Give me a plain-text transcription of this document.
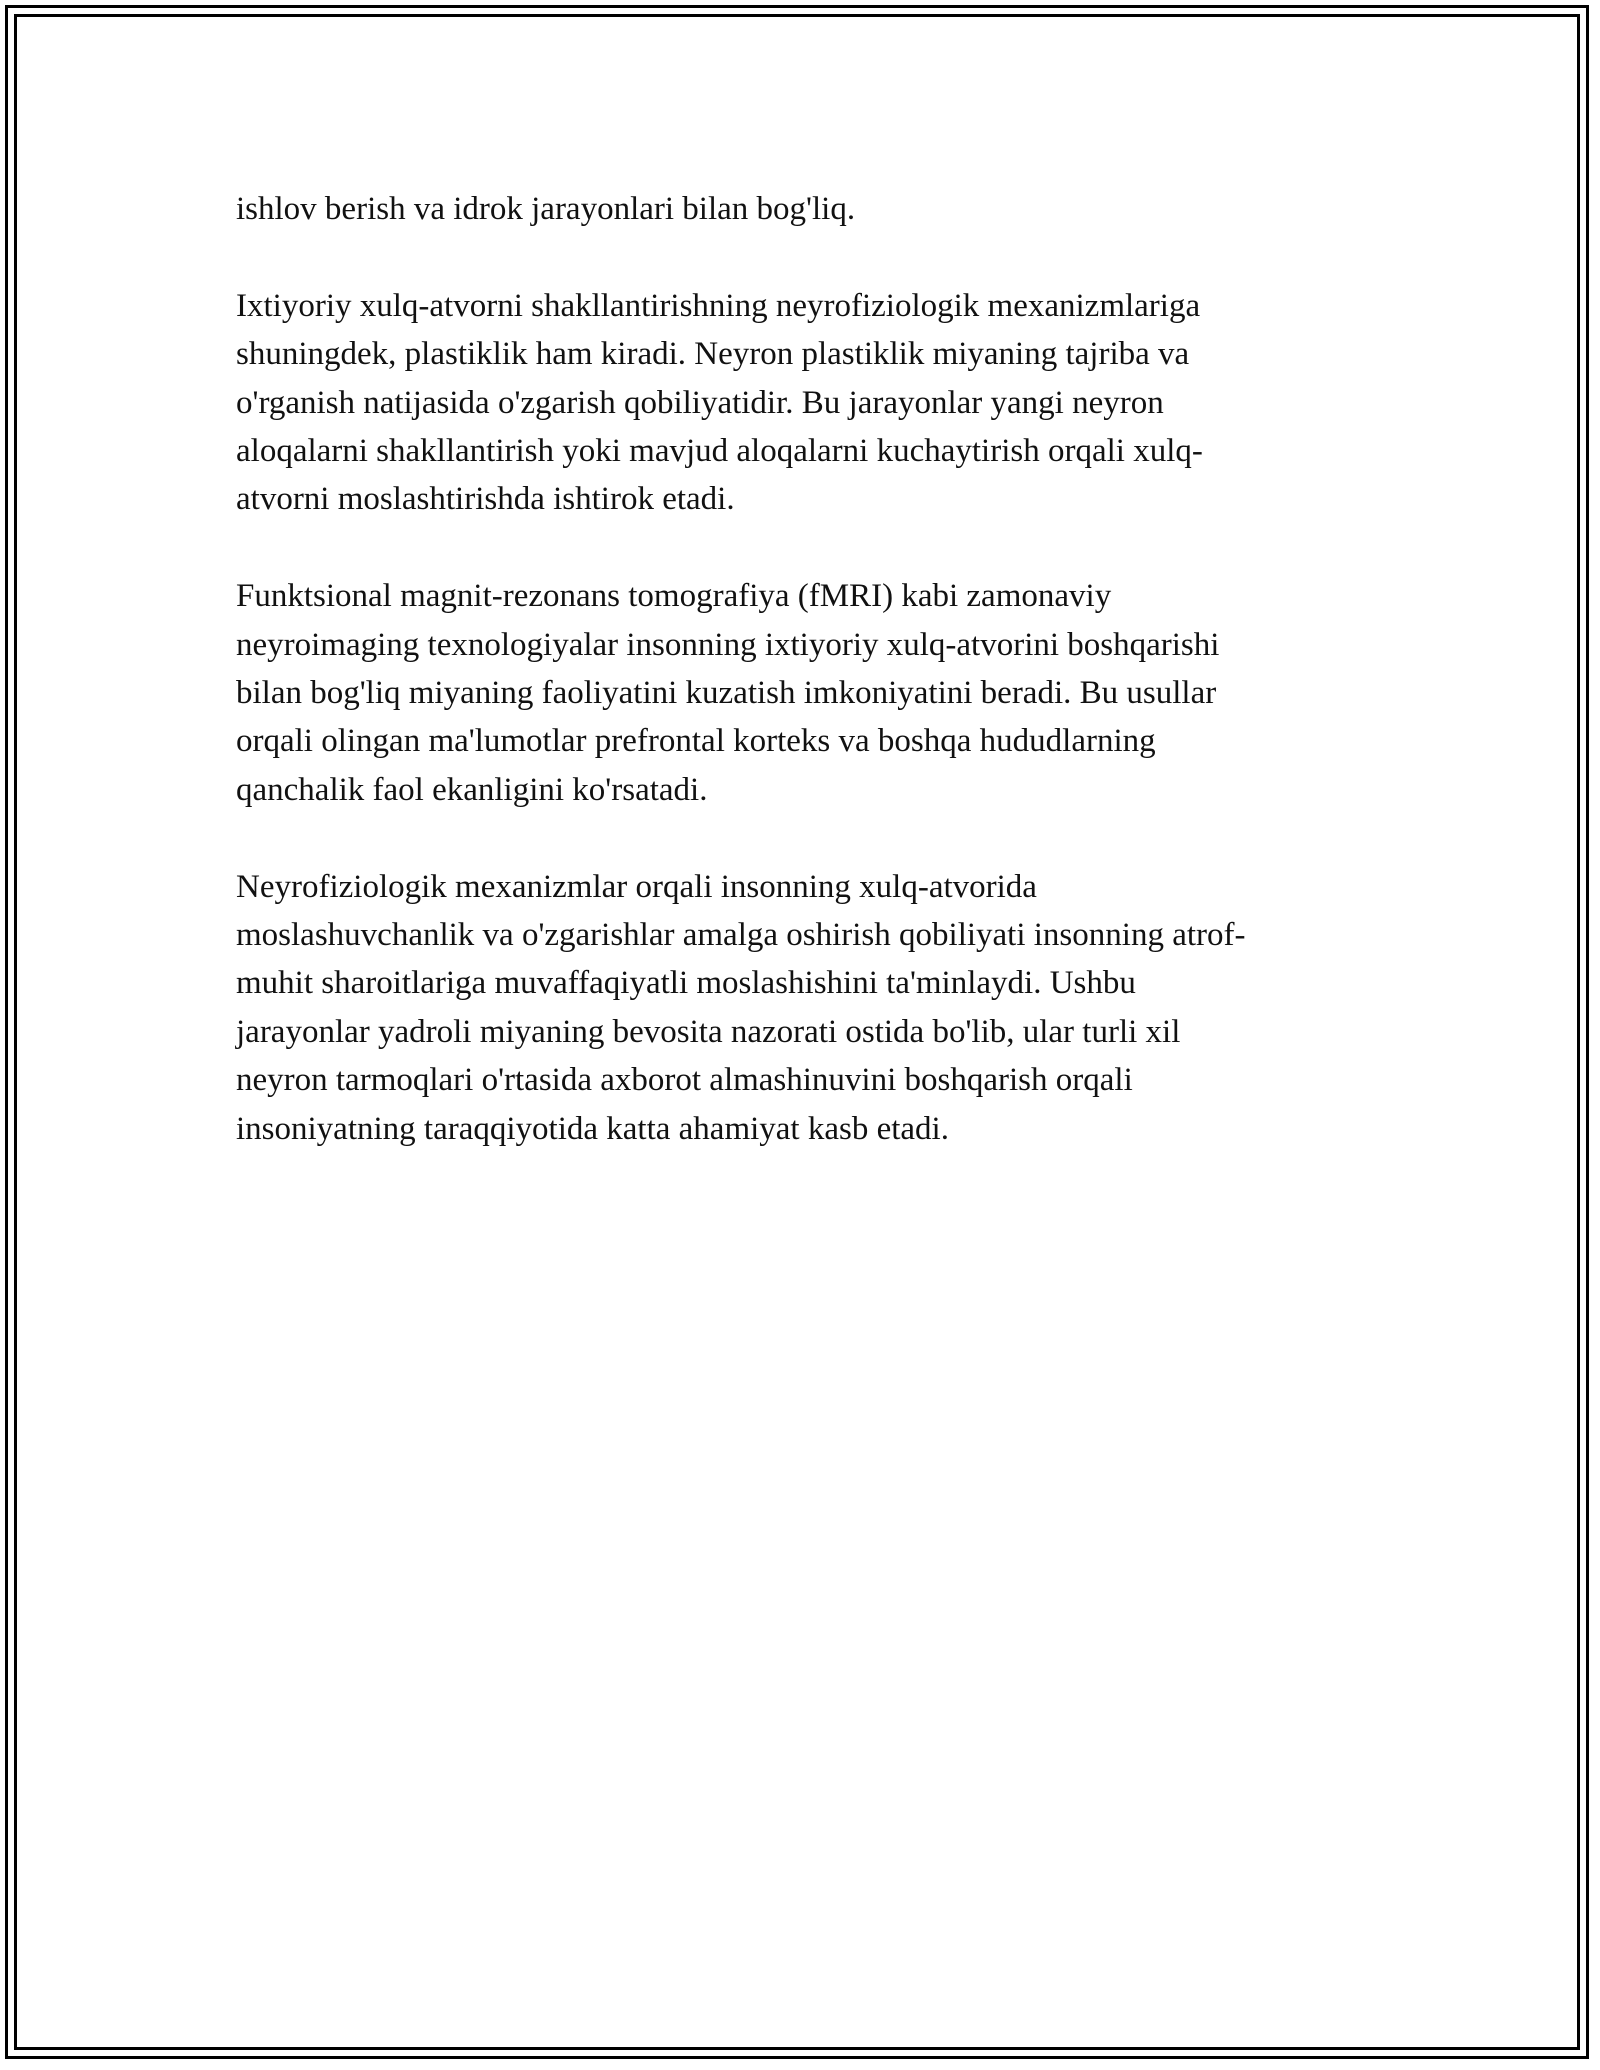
ishlov berish va idrok jarayonlari bilan bog'liq.

Ixtiyoriy xulq-atvorni shakllantirishning neyrofiziologik mexanizmlariga
shuningdek, plastiklik ham kiradi. Neyron plastiklik miyaning tajriba va
o'rganish natijasida o'zgarish qobiliyatidir. Bu jarayonlar yangi neyron
aloqalarni shakllantirish yoki mavjud aloqalarni kuchaytirish orqali xulq-
atvorni moslashtirishda ishtirok etadi.

Funktsional magnit-rezonans tomografiya (fMRI) kabi zamonaviy
neyroimaging texnologiyalar insonning ixtiyoriy xulq-atvorini boshqarishi
bilan bog'liq miyaning faoliyatini kuzatish imkoniyatini beradi. Bu usullar
orqali olingan ma'lumotlar prefrontal korteks va boshqa hududlarning
qanchalik faol ekanligini ko'rsatadi.

Neyrofiziologik mexanizmlar orqali insonning xulq-atvorida
moslashuvchanlik va o'zgarishlar amalga oshirish qobiliyati insonning atrof-
muhit sharoitlariga muvaffaqiyatli moslashishini ta'minlaydi. Ushbu
jarayonlar yadroli miyaning bevosita nazorati ostida bo'lib, ular turli xil
neyron tarmoqlari o'rtasida axborot almashinuvini boshqarish orqali
insoniyatning taraqqiyotida katta ahamiyat kasb etadi.
